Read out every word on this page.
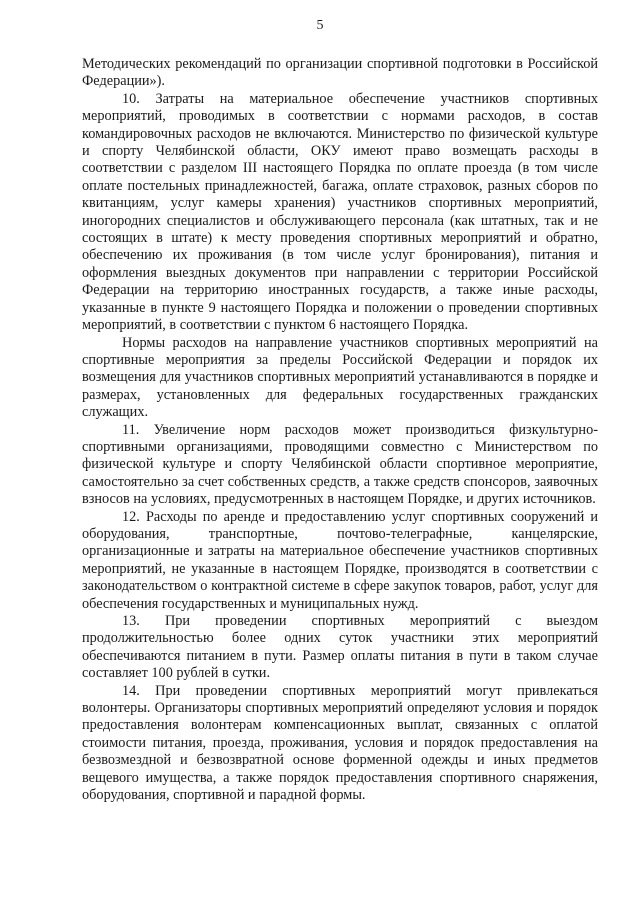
5

Методических рекомендаций по организации спортивной подготовки в Российской Федерации»).

10. Затраты на материальное обеспечение участников спортивных мероприятий, проводимых в соответствии с нормами расходов, в состав командировочных расходов не включаются. Министерство по физической культуре и спорту Челябинской области, ОКУ имеют право возмещать расходы в соответствии с разделом III настоящего Порядка по оплате проезда (в том числе оплате постельных принадлежностей, багажа, оплате страховок, разных сборов по квитанциям, услуг камеры хранения) участников спортивных мероприятий, иногородних специалистов и обслуживающего персонала (как штатных, так и не состоящих в штате) к месту проведения спортивных мероприятий и обратно, обеспечению их проживания (в том числе услуг бронирования), питания и оформления выездных документов при направлении с территории Российской Федерации на территорию иностранных государств, а также иные расходы, указанные в пункте 9 настоящего Порядка и положении о проведении спортивных мероприятий, в соответствии с пунктом 6 настоящего Порядка.

Нормы расходов на направление участников спортивных мероприятий на спортивные мероприятия за пределы Российской Федерации и порядок их возмещения для участников спортивных мероприятий устанавливаются в порядке и размерах, установленных для федеральных государственных гражданских служащих.

11. Увеличение норм расходов может производиться физкультурно-спортивными организациями, проводящими совместно с Министерством по физической культуре и спорту Челябинской области спортивное мероприятие, самостоятельно за счет собственных средств, а также средств спонсоров, заявочных взносов на условиях, предусмотренных в настоящем Порядке, и других источников.

12. Расходы по аренде и предоставлению услуг спортивных сооружений и оборудования, транспортные, почтово-телеграфные, канцелярские, организационные и затраты на материальное обеспечение участников спортивных мероприятий, не указанные в настоящем Порядке, производятся в соответствии с законодательством о контрактной системе в сфере закупок товаров, работ, услуг для обеспечения государственных и муниципальных нужд.

13. При проведении спортивных мероприятий с выездом продолжительностью более одних суток участники этих мероприятий обеспечиваются питанием в пути. Размер оплаты питания в пути в таком случае составляет 100 рублей в сутки.

14. При проведении спортивных мероприятий могут привлекаться волонтеры. Организаторы спортивных мероприятий определяют условия и порядок предоставления волонтерам компенсационных выплат, связанных с оплатой стоимости питания, проезда, проживания, условия и порядок предоставления на безвозмездной и безвозвратной основе форменной одежды и иных предметов вещевого имущества, а также порядок предоставления спортивного снаряжения, оборудования, спортивной и парадной формы.
